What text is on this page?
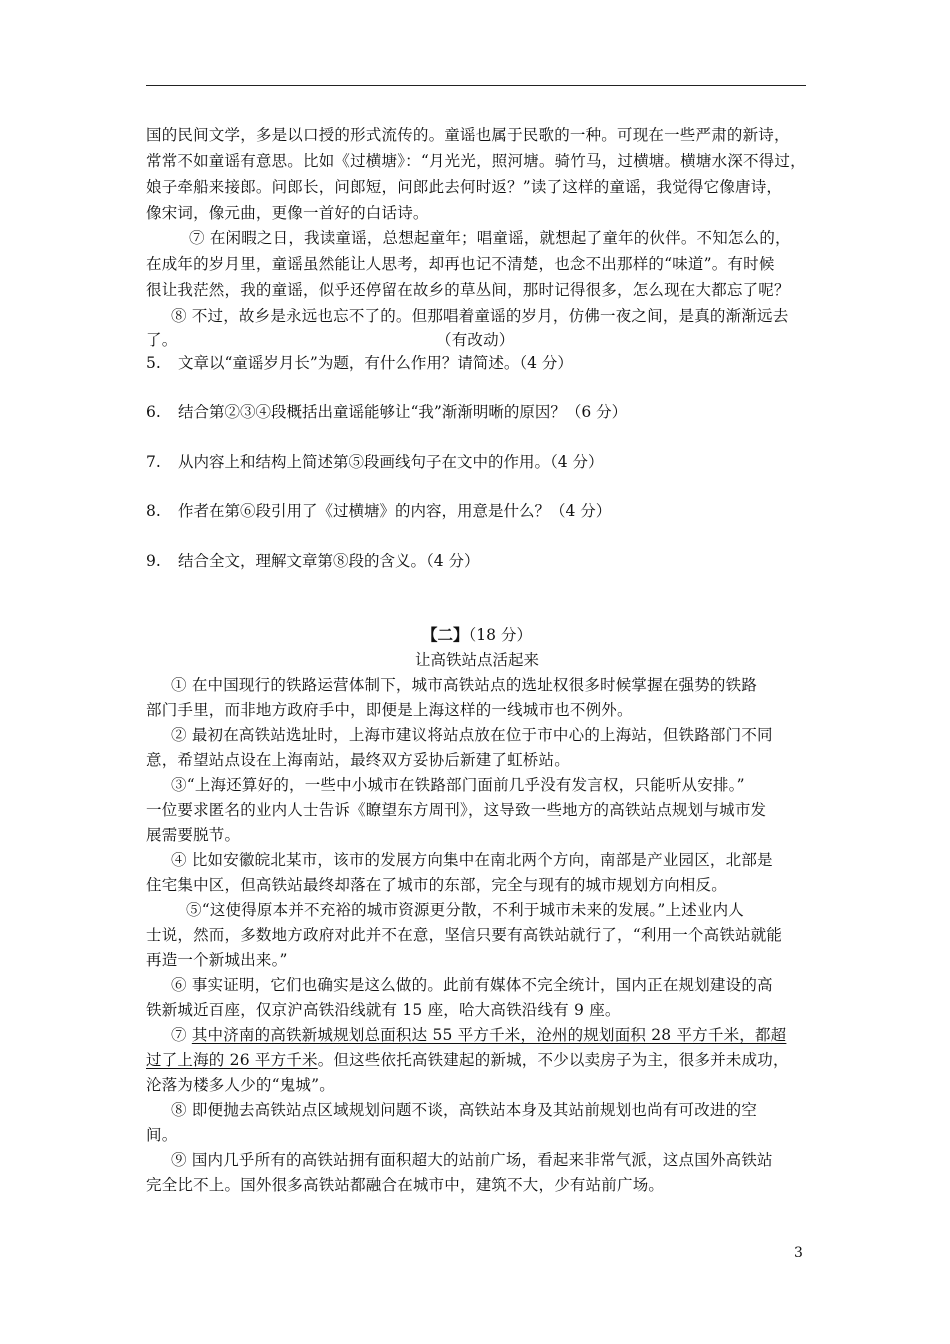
国的民间文学，多是以口授的形式流传的。童谣也属于民歌的一种。可现在一些严肃的新诗，
常常不如童谣有意思。比如《过横塘》：“月光光，照河塘。骑竹马，过横塘。横塘水深不得过，
娘子牵船来接郎。问郎长，问郎短，问郎此去何时返？”读了这样的童谣，我觉得它像唐诗，
像宋词，像元曲，更像一首好的白话诗。
⑦ 在闲暇之日，我读童谣，总想起童年；唱童谣，就想起了童年的伙伴。不知怎么的，
在成年的岁月里，童谣虽然能让人思考，却再也记不清楚，也念不出那样的“味道”。有时候
很让我茫然，我的童谣，似乎还停留在故乡的草丛间，那时记得很多，怎么现在大都忘了呢？
⑧ 不过，故乡是永远也忘不了的。但那唱着童谣的岁月，仿佛一夜之间，是真的渐渐远去
了。	（有改动）
5. 文章以“童谣岁月长”为题，有什么作用？请简述。（4 分）
6. 结合第②③④段概括出童谣能够让“我”渐渐明晰的原因？（6 分）
7. 从内容上和结构上简述第⑤段画线句子在文中的作用。（4 分）
8. 作者在第⑥段引用了《过横塘》的内容，用意是什么？（4 分）
9. 结合全文，理解文章第⑧段的含义。（4 分）
【二】（18 分）
让高铁站点活起来
① 在中国现行的铁路运营体制下，城市高铁站点的选址权很多时候掌握在强势的铁路
部门手里，而非地方政府手中，即便是上海这样的一线城市也不例外。
② 最初在高铁站选址时，上海市建议将站点放在位于市中心的上海站，但铁路部门不同
意，希望站点设在上海南站，最终双方妥协后新建了虹桥站。
③“上海还算好的，一些中小城市在铁路部门面前几乎没有发言权，只能听从安排。”
一位要求匿名的业内人士告诉《瞭望东方周刊》，这导致一些地方的高铁站点规划与城市发
展需要脱节。
④ 比如安徽皖北某市，该市的发展方向集中在南北两个方向，南部是产业园区，北部是
住宅集中区，但高铁站最终却落在了城市的东部，完全与现有的城市规划方向相反。
⑤“这使得原本并不充裕的城市资源更分散，不利于城市未来的发展。”上述业内人
士说，然而，多数地方政府对此并不在意，坚信只要有高铁站就行了，“利用一个高铁站就能
再造一个新城出来。”
⑥ 事实证明，它们也确实是这么做的。此前有媒体不完全统计，国内正在规划建设的高
铁新城近百座，仅京沪高铁沿线就有 15 座，哈大高铁沿线有 9 座。
⑦ 其中济南的高铁新城规划总面积达 55 平方千米，沧州的规划面积 28 平方千米，都超
过了上海的 26 平方千米。但这些依托高铁建起的新城，不少以卖房子为主，很多并未成功，
沦落为楼多人少的“鬼城”。
⑧ 即便抛去高铁站点区域规划问题不谈，高铁站本身及其站前规划也尚有可改进的空
间。
⑨ 国内几乎所有的高铁站拥有面积超大的站前广场，看起来非常气派，这点国外高铁站
完全比不上。国外很多高铁站都融合在城市中，建筑不大，少有站前广场。
3
